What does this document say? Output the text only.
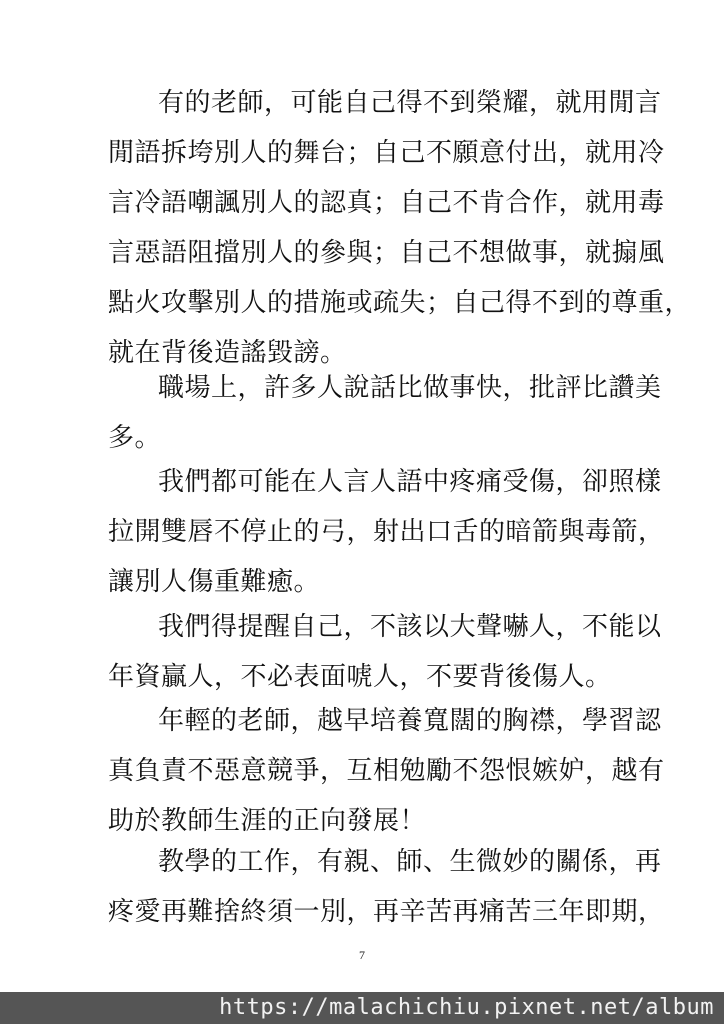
有的老師，可能自己得不到榮耀，就用閒言
閒語拆垮別人的舞台；自己不願意付出，就用冷
言冷語嘲諷別人的認真；自己不肯合作，就用毒
言惡語阻擋別人的參與；自己不想做事，就搧風
點火攻擊別人的措施或疏失；自己得不到的尊重，
就在背後造謠毀謗。
職場上，許多人說話比做事快，批評比讚美
多。
我們都可能在人言人語中疼痛受傷，卻照樣
拉開雙唇不停止的弓，射出口舌的暗箭與毒箭，
讓別人傷重難癒。
我們得提醒自己，不該以大聲嚇人，不能以
年資贏人，不必表面唬人，不要背後傷人。
年輕的老師，越早培養寬闊的胸襟，學習認
真負責不惡意競爭，互相勉勵不怨恨嫉妒，越有
助於教師生涯的正向發展！
教學的工作，有親、師、生微妙的關係，再
疼愛再難捨終須一別，再辛苦再痛苦三年即期，
7
https://malachichiu.pixnet.net/album
